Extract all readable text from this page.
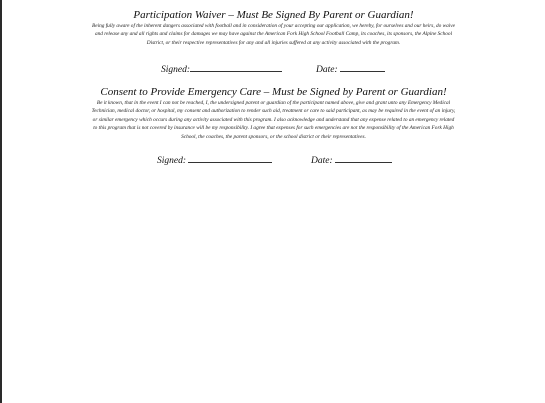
Participation Waiver – Must Be Signed By Parent or Guardian!
Being fully aware of the inherent dangers associated with football and in consideration of your accepting our application, we hereby, for ourselves and our heirs, do waive and release any and all rights and claims for damages we may have against the American Fork High School Football Camp, its coaches, its sponsors, the Alpine School District, or their respective representatives for any and all injuries suffered at any activity associated with the program.
Signed:	Date:
Consent to Provide Emergency Care – Must be Signed by Parent or Guardian!
Be it known, that in the event I can not be reached, I, the undersigned parent or guardian of the participant named above, give and grant unto any Emergency Medical Technician, medical doctor, or hospital, my consent and authorization to render such aid, treatment or care to said participant, as may be required in the event of an injury, or similar emergency which occurs during any activity associated with this program. I also acknowledge and understand that any expense related to an emergency related to this program that is not covered by insurance will be my responsibility. I agree that expenses for such emergencies are not the responsibility of the American Fork High School, the coaches, the parent sponsors, or the school district or their representatives.
Signed:	Date:
